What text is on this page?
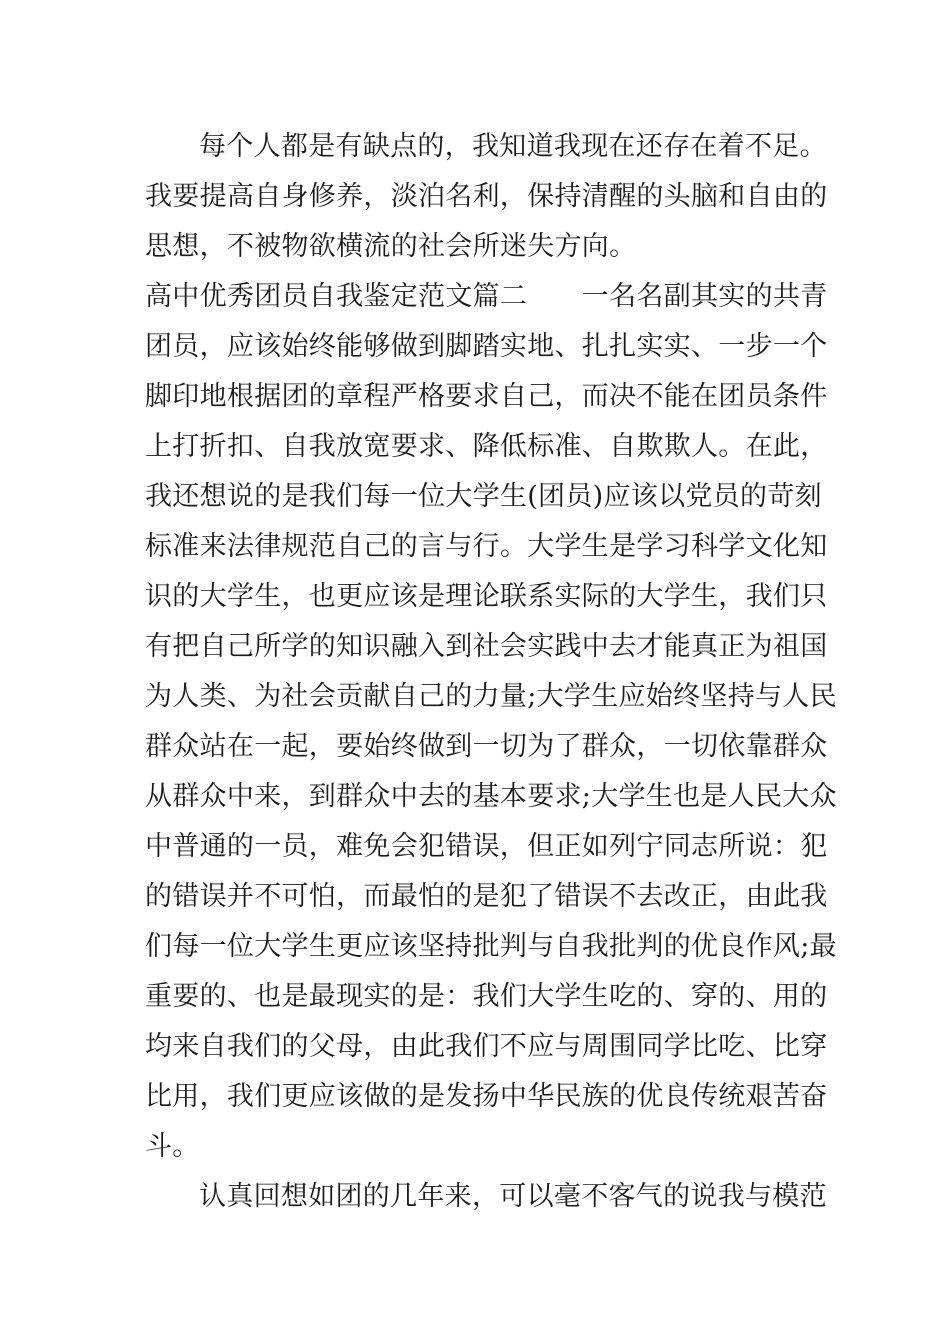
每个人都是有缺点的，我知道我现在还存在着不足。
我要提高自身修养，淡泊名利，保持清醒的头脑和自由的
思想，不被物欲横流的社会所迷失方向。
高中优秀团员自我鉴定范文篇二　　一名名副其实的共青
团员，应该始终能够做到脚踏实地、扎扎实实、一步一个
脚印地根据团的章程严格要求自己，而决不能在团员条件
上打折扣、自我放宽要求、降低标准、自欺欺人。在此，
我还想说的是我们每一位大学生(团员)应该以党员的苛刻
标准来法律规范自己的言与行。大学生是学习科学文化知
识的大学生，也更应该是理论联系实际的大学生，我们只
有把自己所学的知识融入到社会实践中去才能真正为祖国
为人类、为社会贡献自己的力量;大学生应始终坚持与人民
群众站在一起，要始终做到一切为了群众，一切依靠群众
从群众中来，到群众中去的基本要求;大学生也是人民大众
中普通的一员，难免会犯错误，但正如列宁同志所说：犯
的错误并不可怕，而最怕的是犯了错误不去改正，由此我
们每一位大学生更应该坚持批判与自我批判的优良作风;最
重要的、也是最现实的是：我们大学生吃的、穿的、用的
均来自我们的父母，由此我们不应与周围同学比吃、比穿
比用，我们更应该做的是发扬中华民族的优良传统艰苦奋
斗。
认真回想如团的几年来，可以毫不客气的说我与模范
